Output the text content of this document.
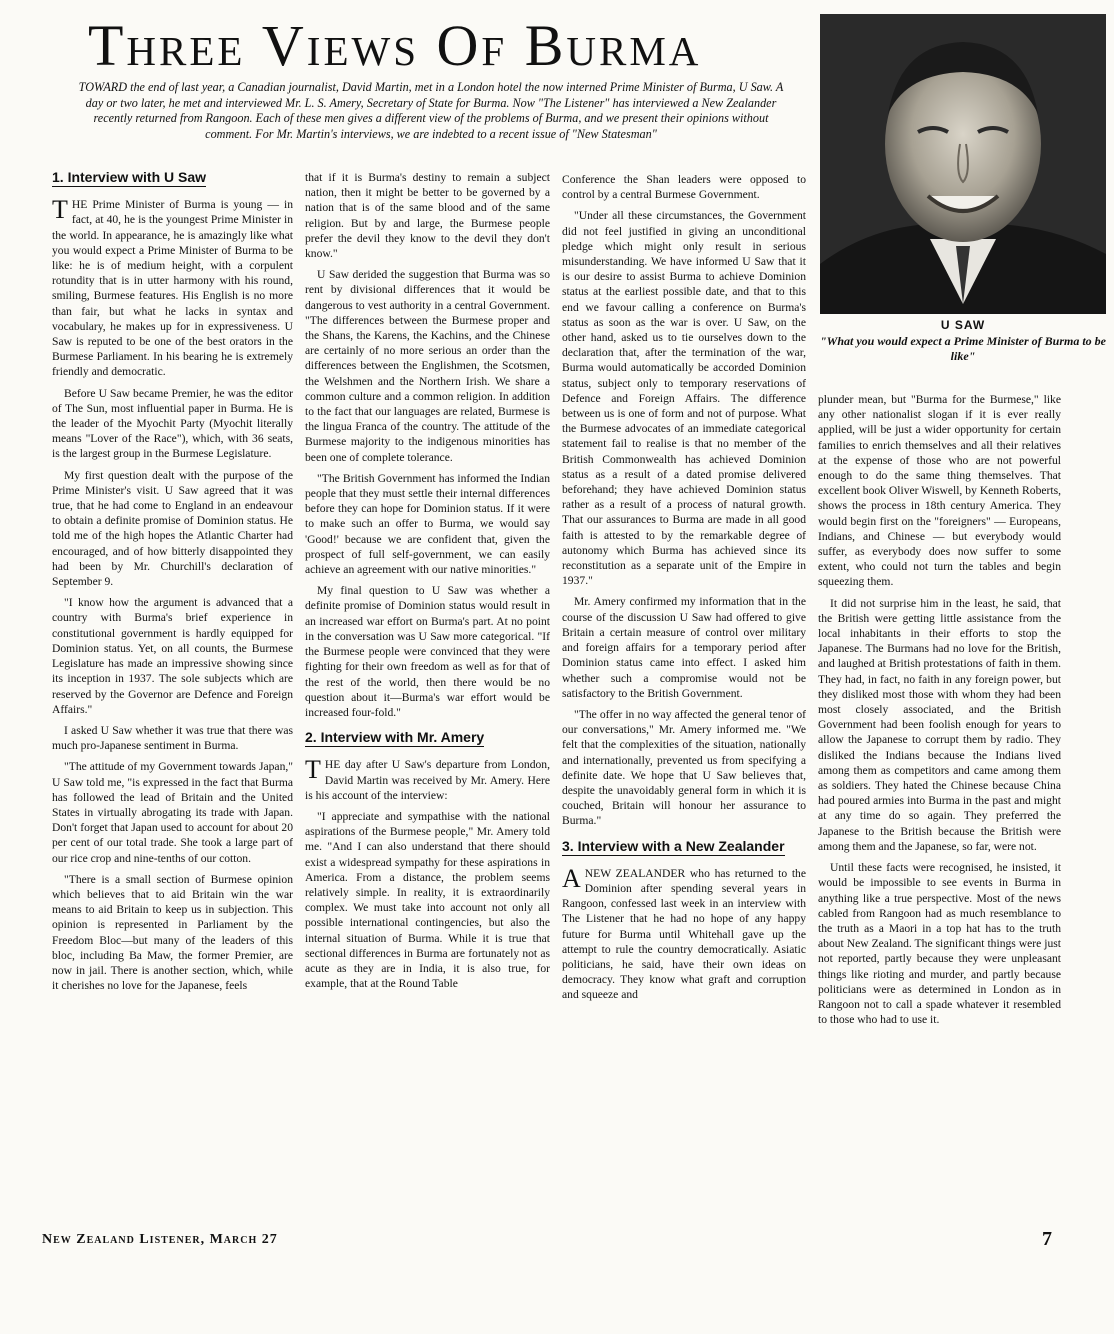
Three Views Of Burma
TOWARD the end of last year, a Canadian journalist, David Martin, met in a London hotel the now interned Prime Minister of Burma, U Saw. A day or two later, he met and interviewed Mr. L. S. Amery, Secretary of State for Burma. Now "The Listener" has interviewed a New Zealander recently returned from Rangoon. Each of these men gives a different view of the problems of Burma, and we present their opinions without comment. For Mr. Martin's interviews, we are indebted to a recent issue of "New Statesman"
U SAW
"What you would expect a Prime Minister of Burma to be like"
1. Interview with U Saw

THE Prime Minister of Burma is young — in fact, at 40, he is the youngest Prime Minister in the world. In appearance, he is amazingly like what you would expect a Prime Minister of Burma to be like: he is of medium height, with a corpulent rotundity that is in utter harmony with his round, smiling, Burmese features. His English is no more than fair, but what he lacks in syntax and vocabulary, he makes up for in expressiveness. U Saw is reputed to be one of the best orators in the Burmese Parliament. In his bearing he is extremely friendly and democratic.

Before U Saw became Premier, he was the editor of The Sun, most influential paper in Burma. He is the leader of the Myochit Party (Myochit literally means "Lover of the Race"), which, with 36 seats, is the largest group in the Burmese Legislature.

My first question dealt with the purpose of the Prime Minister's visit. U Saw agreed that it was true, that he had come to England in an endeavour to obtain a definite promise of Dominion status. He told me of the high hopes the Atlantic Charter had encouraged, and of how bitterly disappointed they had been by Mr. Churchill's declaration of September 9.

"I know how the argument is advanced that a country with Burma's brief experience in constitutional government is hardly equipped for Dominion status. Yet, on all counts, the Burmese Legislature has made an impressive showing since its inception in 1937. The sole subjects which are reserved by the Governor are Defence and Foreign Affairs."

I asked U Saw whether it was true that there was much pro-Japanese sentiment in Burma.

"The attitude of my Government towards Japan," U Saw told me, "is expressed in the fact that Burma has followed the lead of Britain and the United States in virtually abrogating its trade with Japan. Don't forget that Japan used to account for about 20 per cent of our total trade. She took a large part of our rice crop and nine-tenths of our cotton.

"There is a small section of Burmese opinion which believes that to aid Britain win the war means to aid Britain to keep us in subjection. This opinion is represented in Parliament by the Freedom Bloc—but many of the leaders of this bloc, including Ba Maw, the former Premier, are now in jail. There is another section, which, while it cherishes no love for the Japanese, feels

that if it is Burma's destiny to remain a subject nation, then it might be better to be governed by a nation that is of the same blood and of the same religion. But by and large, the Burmese people prefer the devil they know to the devil they don't know."

U Saw derided the suggestion that Burma was so rent by divisional differences that it would be dangerous to vest authority in a central Government. "The differences between the Burmese proper and the Shans, the Karens, the Kachins, and the Chinese are certainly of no more serious an order than the differences between the Englishmen, the Scotsmen, the Welshmen and the Northern Irish. We share a common culture and a common religion. In addition to the fact that our languages are related, Burmese is the lingua Franca of the country. The attitude of the Burmese majority to the indigenous minorities has been one of complete tolerance.

"The British Government has informed the Indian people that they must settle their internal differences before they can hope for Dominion status. If it were to make such an offer to Burma, we would say 'Good!' because we are confident that, given the prospect of full self-government, we can easily achieve an agreement with our native minorities."

My final question to U Saw was whether a definite promise of Dominion status would result in an increased war effort on Burma's part. At no point in the conversation was U Saw more categorical. "If the Burmese people were convinced that they were fighting for their own freedom as well as for that of the rest of the world, then there would be no question about it—Burma's war effort would be increased four-fold."

2. Interview with Mr. Amery

THE day after U Saw's departure from London, David Martin was received by Mr. Amery. Here is his account of the interview:

"I appreciate and sympathise with the national aspirations of the Burmese people," Mr. Amery told me. "And I can also understand that there should exist a widespread sympathy for these aspirations in America. From a distance, the problem seems relatively simple. In reality, it is extraordinarily complex. We must take into account not only all possible international contingencies, but also the internal situation of Burma. While it is true that sectional differences in Burma are fortunately not as acute as they are in India, it is also true, for example, that at the Round Table

Conference the Shan leaders were opposed to control by a central Burmese Government.

"Under all these circumstances, the Government did not feel justified in giving an unconditional pledge which might only result in serious misunderstanding. We have informed U Saw that it is our desire to assist Burma to achieve Dominion status at the earliest possible date, and that to this end we favour calling a conference on Burma's status as soon as the war is over. U Saw, on the other hand, asked us to tie ourselves down to the declaration that, after the termination of the war, Burma would automatically be accorded Dominion status, subject only to temporary reservations of Defence and Foreign Affairs. The difference between us is one of form and not of purpose. What the Burmese advocates of an immediate categorical statement fail to realise is that no member of the British Commonwealth has achieved Dominion status as a result of a dated promise delivered beforehand; they have achieved Dominion status rather as a result of a process of natural growth. That our assurances to Burma are made in all good faith is attested to by the remarkable degree of autonomy which Burma has achieved since its reconstitution as a separate unit of the Empire in 1937."

Mr. Amery confirmed my information that in the course of the discussion U Saw had offered to give Britain a certain measure of control over military and foreign affairs for a temporary period after Dominion status came into effect. I asked him whether such a compromise would not be satisfactory to the British Government.

"The offer in no way affected the general tenor of our conversations," Mr. Amery informed me. "We felt that the complexities of the situation, nationally and internationally, prevented us from specifying a definite date. We hope that U Saw believes that, despite the unavoidably general form in which it is couched, Britain will honour her assurance to Burma."

3. Interview with a New Zealander

ANEW ZEALANDER who has returned to the Dominion after spending several years in Rangoon, confessed last week in an interview with The Listener that he had no hope of any happy future for Burma until Whitehall gave up the attempt to rule the country democratically. Asiatic politicians, he said, have their own ideas on democracy. They know what graft and corruption and squeeze and

plunder mean, but "Burma for the Burmese," like any other nationalist slogan if it is ever really applied, will be just a wider opportunity for certain families to enrich themselves and all their relatives at the expense of those who are not powerful enough to do the same thing themselves. That excellent book Oliver Wiswell, by Kenneth Roberts, shows the process in 18th century America. They would begin first on the "foreigners" — Europeans, Indians, and Chinese — but everybody would suffer, as everybody does now suffer to some extent, who could not turn the tables and begin squeezing them.

It did not surprise him in the least, he said, that the British were getting little assistance from the local inhabitants in their efforts to stop the Japanese. The Burmans had no love for the British, and laughed at British protestations of faith in them. They had, in fact, no faith in any foreign power, but they disliked most those with whom they had been most closely associated, and the British Government had been foolish enough for years to allow the Japanese to corrupt them by radio. They disliked the Indians because the Indians lived among them as competitors and came among them as soldiers. They hated the Chinese because China had poured armies into Burma in the past and might at any time do so again. They preferred the Japanese to the British because the British were among them and the Japanese, so far, were not.

Until these facts were recognised, he insisted, it would be impossible to see events in Burma in anything like a true perspective. Most of the news cabled from Rangoon had as much resemblance to the truth as a Maori in a top hat has to the truth about New Zealand. The significant things were just not reported, partly because they were unpleasant things like rioting and murder, and partly because politicians were as determined in London as in Rangoon not to call a spade whatever it resembled to those who had to use it.

New Zealand Listener, March 27	7
